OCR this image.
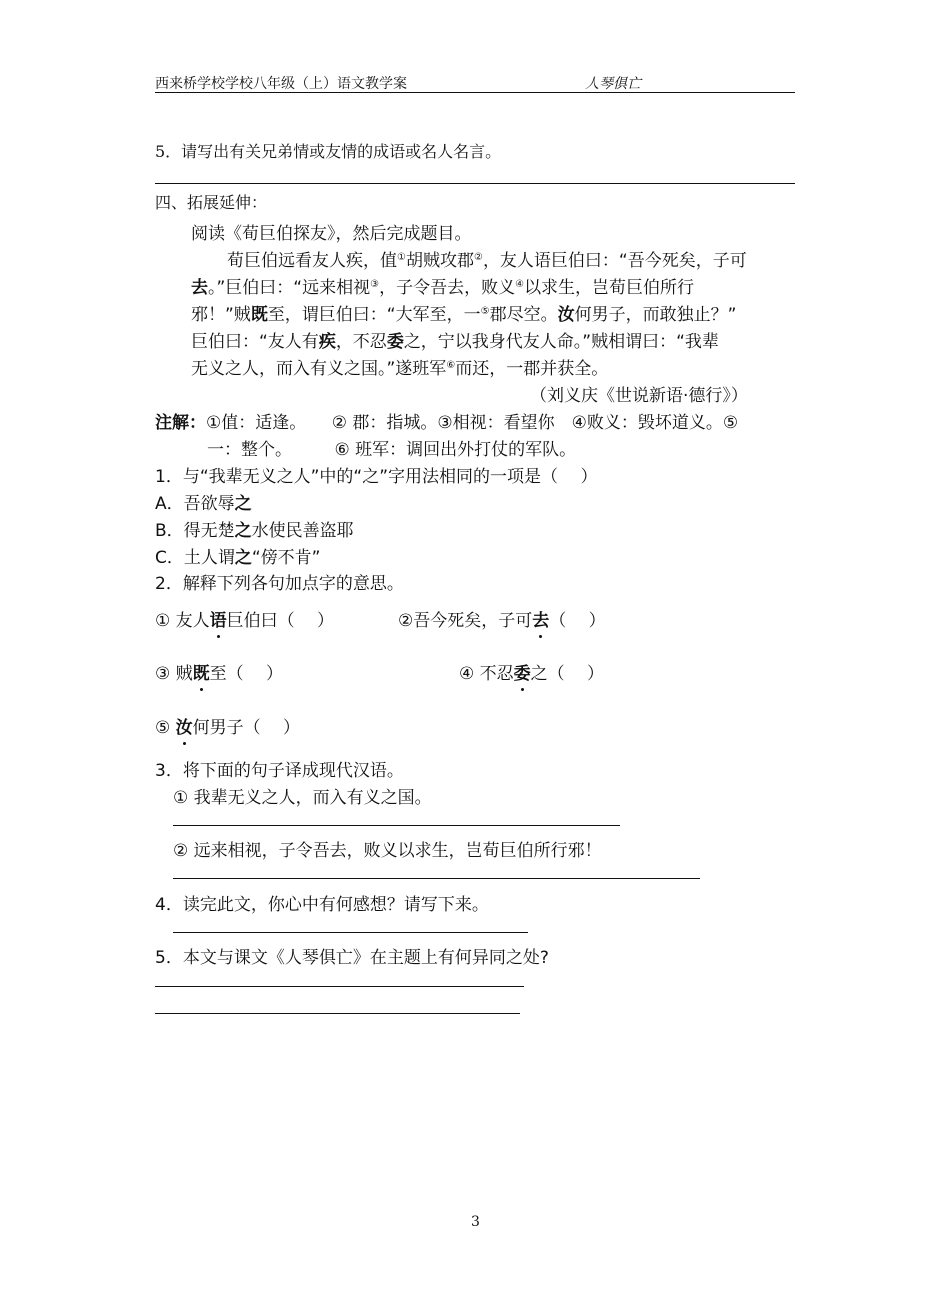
西来桥学校学校八年级（上）语文教学案	人琴俱亡
5．请写出有关兄弟情或友情的成语或名人名言。
四、拓展延伸：
阅读《荀巨伯探友》，然后完成题目。
荀巨伯远看友人疾，值①胡贼攻郡②，友人语巨伯曰：“吾今死矣，子可
去。”巨伯曰：“远来相视③，子令吾去，败义④以求生，岂荀巨伯所行
邪！”贼既至，谓巨伯曰：“大军至，一⑤郡尽空。汝何男子，而敢独止？”
巨伯曰：“友人有疾，不忍委之，宁以我身代友人命。”贼相谓曰：“我辈
无义之人，而入有义之国。”遂班军⑥而还，一郡并获全。
（刘义庆《世说新语·德行》）
注解：①值：适逢。　　② 郡：指城。③相视：看望你　④败义：毁坏道义。⑤
一：整个。　　　⑥ 班军：调回出外打仗的军队。
1．与“我辈无义之人”中的“之”字用法相同的一项是（　 ）
A．吾欲辱之
B．得无楚之水使民善盗耶
C．土人谓之“傍不肯”
2．解释下列各句加点字的意思。
① 友人语巨伯曰（　 ）	②吾今死矣，子可去（　 ）
③ 贼既至（　 ）	④ 不忍委之（　 ）
⑤ 汝何男子（　 ）
3．将下面的句子译成现代汉语。
① 我辈无义之人，而入有义之国。
② 远来相视，子令吾去，败义以求生，岂荀巨伯所行邪！
4．读完此文，你心中有何感想？请写下来。
5．本文与课文《人琴俱亡》在主题上有何异同之处?
3
